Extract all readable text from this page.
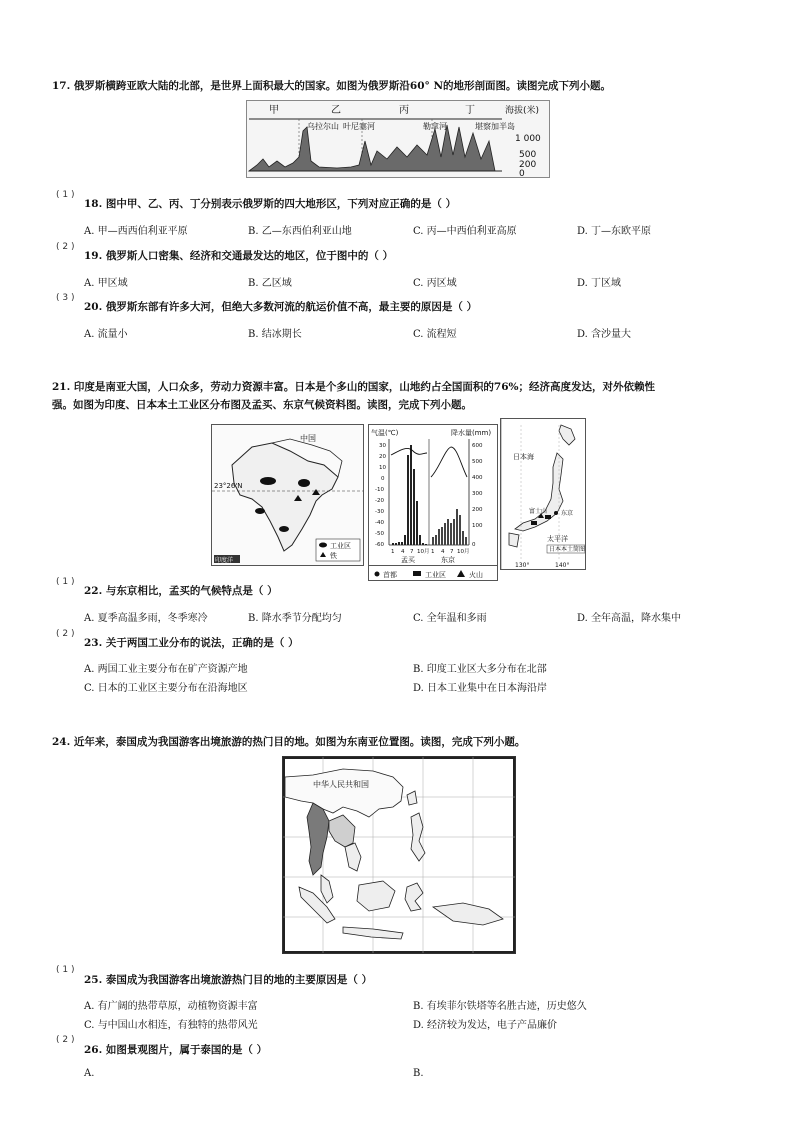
17. 俄罗斯横跨亚欧大陆的北部，是世界上面积最大的国家。如图为俄罗斯沿60° N的地形剖面图。读图完成下列小题。
甲	乙	丙	丁	海拔(米)
1 000
500
200
0
乌拉尔山 叶尼塞河	勒拿河	堪察加半岛
( 1 )
18. 图中甲、乙、丙、丁分别表示俄罗斯的四大地形区，下列对应正确的是（ ）
A. 甲—西西伯利亚平原	B. 乙—东西伯利亚山地	C. 丙—中西伯利亚高原	D. 丁—东欧平原
( 2 )
19. 俄罗斯人口密集、经济和交通最发达的地区，位于图中的（ ）
A. 甲区域	B. 乙区域	C. 丙区域	D. 丁区域
( 3 )
20. 俄罗斯东部有许多大河，但绝大多数河流的航运价值不高，最主要的原因是（ ）
A. 流量小	B. 结冰期长	C. 流程短	D. 含沙量大
21. 印度是南亚大国，人口众多，劳动力资源丰富。日本是个多山的国家，山地约占全国面积的76%；经济高度发达，对外依赖性
强。如图为印度、日本本土工业区分布图及孟买、东京气候资料图。读图，完成下列小题。
中国
23°26'N
工业区
铁
印度洋
气温(℃)	降水量(mm)
30
20
10
0
-10
-20
-30
-40
-50
-60
600
500
400
300
200
100
0
1 4 7 10月 1 4 7 10月
孟买	东京
日本海
东京
富士山
太平洋
日本本土简图
130°	140°
首都	工业区	火山
( 1 )
22. 与东京相比，孟买的气候特点是（ ）
A. 夏季高温多雨，冬季寒冷	B. 降水季节分配均匀	C. 全年温和多雨	D. 全年高温，降水集中
( 2 )
23. 关于两国工业分布的说法，正确的是（ ）
A. 两国工业主要分布在矿产资源产地	B. 印度工业区大多分布在北部
C. 日本的工业区主要分布在沿海地区	D. 日本工业集中在日本海沿岸
24. 近年来，泰国成为我国游客出境旅游的热门目的地。如图为东南亚位置图。读图，完成下列小题。
中华人民共和国
( 1 )
25. 泰国成为我国游客出境旅游热门目的地的主要原因是（ ）
A. 有广阔的热带草原，动植物资源丰富	B. 有埃菲尔铁塔等名胜古迹，历史悠久
C. 与中国山水相连，有独特的热带风光	D. 经济较为发达，电子产品廉价
( 2 )
26. 如图景观图片，属于泰国的是（ ）
A.	B.
